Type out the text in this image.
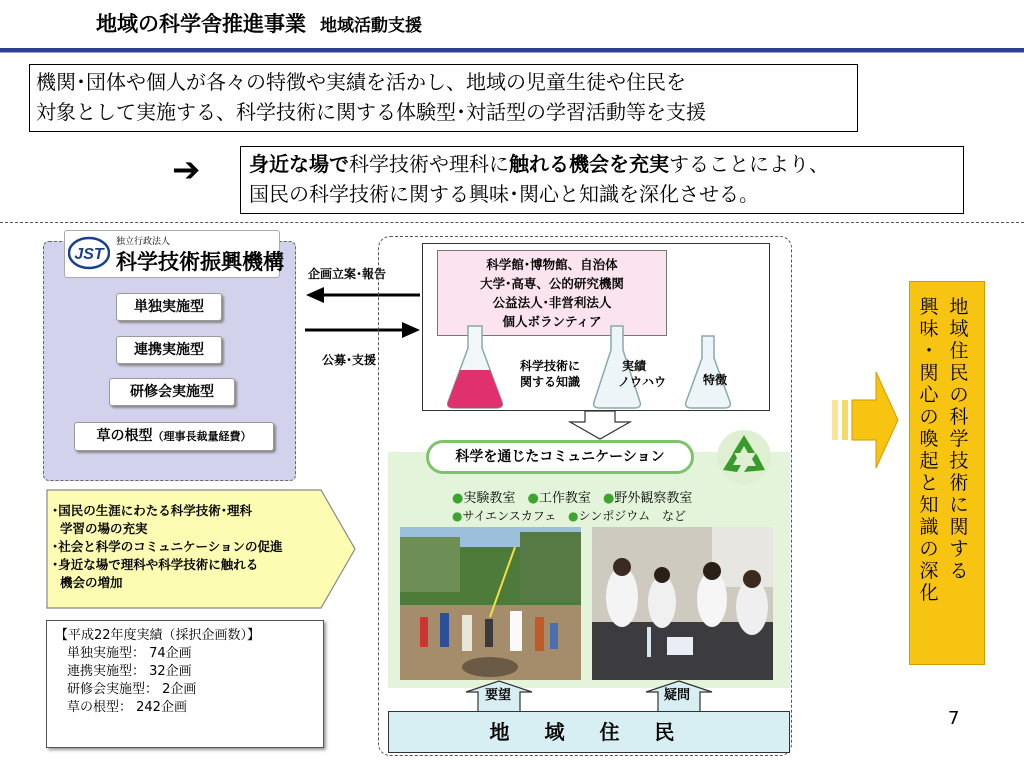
地域の科学舎推進事業 地域活動支援
機関･団体や個人が各々の特徴や実績を活かし、地域の児童生徒や住民を
対象として実施する、科学技術に関する体験型･対話型の学習活動等を支援
➔ 身近な場で科学技術や理科に触れる機会を充実することにより、
国民の科学技術に関する興味･関心と知識を深化させる。
JST
独立行政法人
科学技術振興機構
単独実施型
連携実施型
研修会実施型
草の根型（理事長裁量経費）
企画立案･報告
公募･支援
科学館･博物館、自治体
大学･高専、公的研究機関
公益法人･非営利法人
個人ボランティア
科学技術に
関する知識
実績
ノウハウ	特徴
科学を通じたコミュニケーション
●実験教室 ●工作教室 ●野外観察教室
●サイエンスカフェ ●シンポジウム など
要望	疑問
地 域 住 民
･国民の生涯にわたる科学技術･理科
学習の場の充実
･社会と科学のコミュニケーションの促進
･身近な場で理科や科学技術に触れる
機会の増加
【平成22年度実績（採択企画数）】
単独実施型： 74企画
連携実施型： 32企画
研修会実施型： 2企画
草の根型： 242企画
地
域
住
民
の
科
学
技
術
に
関
す
る
興
味
･
関
心
の
喚
起
と
知
識
の
深
化
7
